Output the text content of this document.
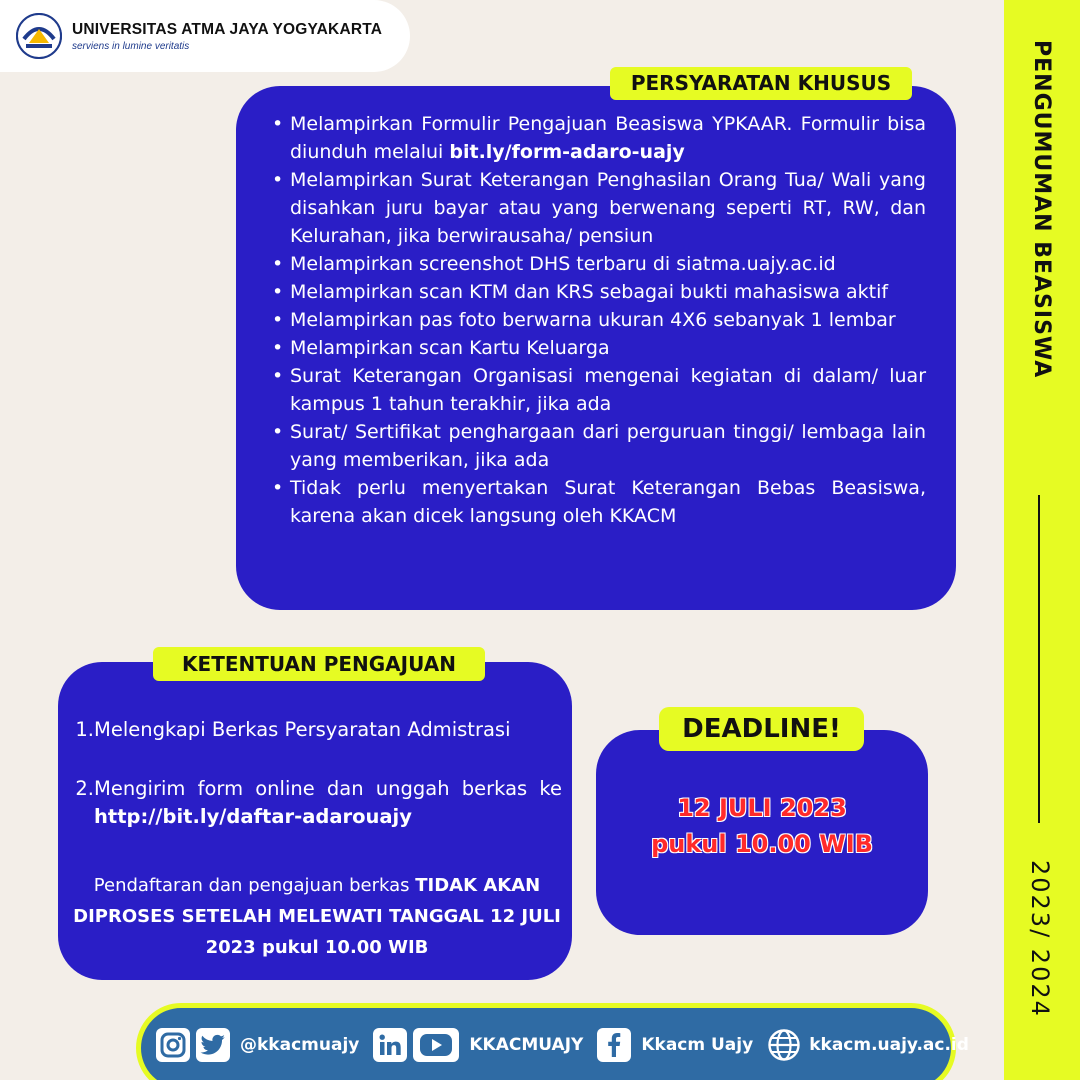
UNIVERSITAS ATMA JAYA YOGYAKARTA
serviens in lumine veritatis	PENGUMUMAN BEASISWA
2023/ 2024
PERSYARATAN KHUSUS
• Melampirkan Formulir Pengajuan Beasiswa YPKAAR. Formulir bisa diunduh melalui bit.ly/form-adaro-uajy
• Melampirkan Surat Keterangan Penghasilan Orang Tua/ Wali yang disahkan juru bayar atau yang berwenang seperti RT, RW, dan Kelurahan, jika berwirausaha/ pensiun
• Melampirkan screenshot DHS terbaru di siatma.uajy.ac.id
• Melampirkan scan KTM dan KRS sebagai bukti mahasiswa aktif
• Melampirkan pas foto berwarna ukuran 4X6 sebanyak 1 lembar
• Melampirkan scan Kartu Keluarga
• Surat Keterangan Organisasi mengenai kegiatan di dalam/ luar kampus 1 tahun terakhir, jika ada
• Surat/ Sertifikat penghargaan dari perguruan tinggi/ lembaga lain yang memberikan, jika ada
• Tidak perlu menyertakan Surat Keterangan Bebas Beasiswa, karena akan dicek langsung oleh KKACM
KETENTUAN PENGAJUAN
1. Melengkapi Berkas Persyaratan Admistrasi
2. Mengirim form online dan unggah berkas ke http://bit.ly/daftar-adarouajy
Pendaftaran dan pengajuan berkas TIDAK AKAN DIPROSES SETELAH MELEWATI TANGGAL 12 JULI 2023 pukul 10.00 WIB
DEADLINE!
12 JULI 2023
pukul 10.00 WIB
@kkacmuajy	KKACMUAJY	Kkacm Uajy	kkacm.uajy.ac.id
